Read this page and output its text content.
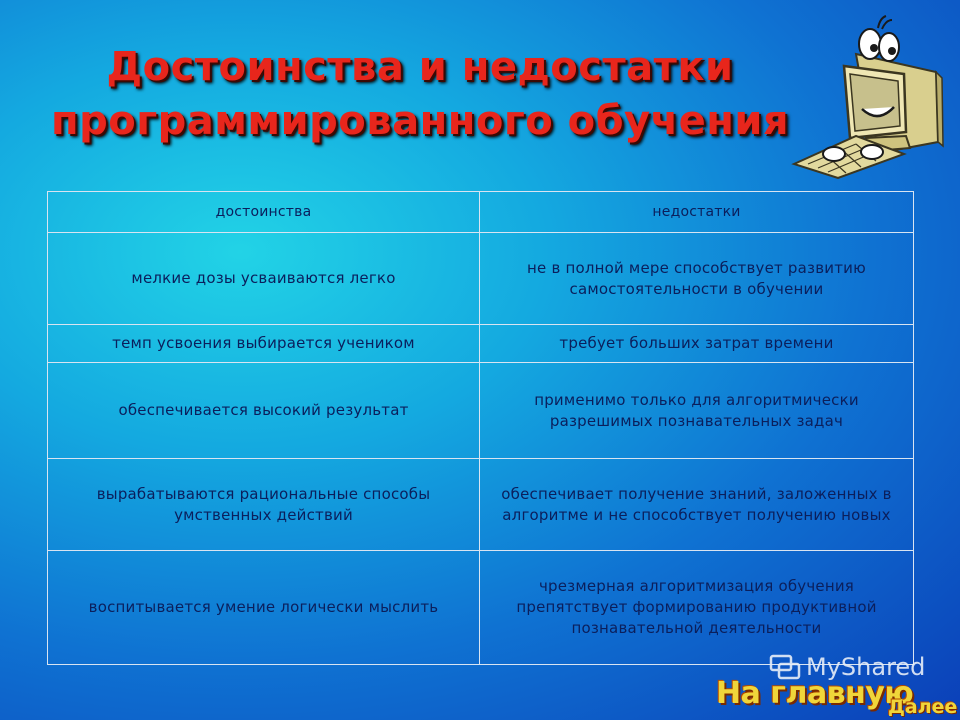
Достоинства и недостатки
программированного обучения
достоинства	недостатки
мелкие дозы усваиваются легко	не в полной мере способствует развитию самостоятельности в обучении
темп усвоения выбирается учеником	требует больших затрат времени
обеспечивается высокий результат	применимо только для алгоритмически разрешимых познавательных задач
вырабатываются рациональные способы умственных действий	обеспечивает получение знаний, заложенных в алгоритме и не способствует получению новых
воспитывается умение логически мыслить	чрезмерная алгоритмизация обучения препятствует формированию продуктивной познавательной деятельности
MyShared
На главную
Далее
